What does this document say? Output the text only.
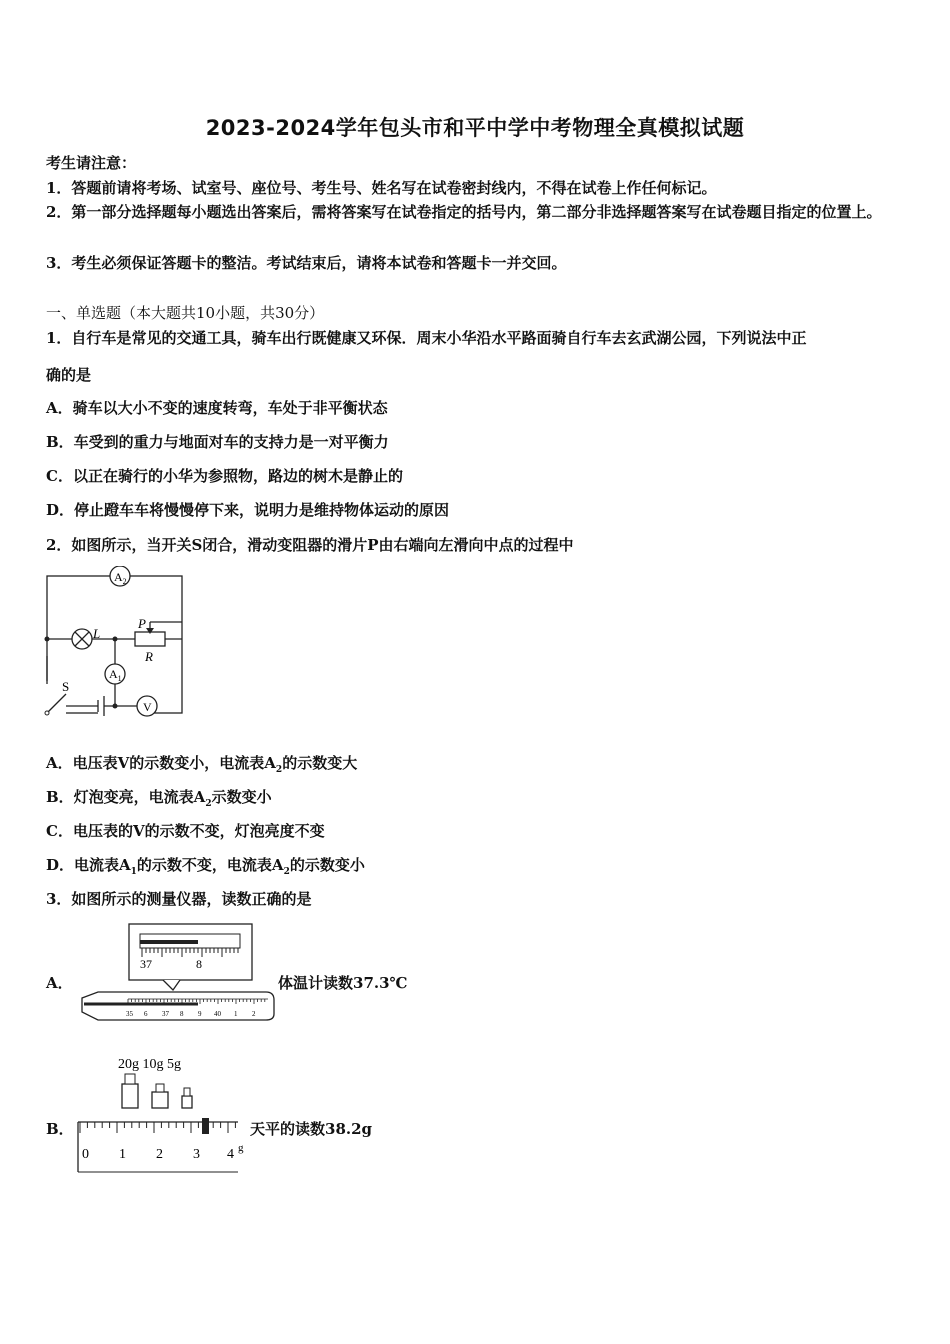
2023-2024学年包头市和平中学中考物理全真模拟试题
考生请注意：
1．答题前请将考场、试室号、座位号、考生号、姓名写在试卷密封线内，不得在试卷上作任何标记。
2．第一部分选择题每小题选出答案后，需将答案写在试卷指定的括号内，第二部分非选择题答案写在试卷题目指定的位置上。
3．考生必须保证答题卡的整洁。考试结束后，请将本试卷和答题卡一并交回。
一、单选题（本大题共10小题，共30分）
1．自行车是常见的交通工具，骑车出行既健康又环保．周末小华沿水平路面骑自行车去玄武湖公园，下列说法中正
确的是
A．骑车以大小不变的速度转弯，车处于非平衡状态
B．车受到的重力与地面对车的支持力是一对平衡力
C．以正在骑行的小华为参照物，路边的树木是静止的
D．停止蹬车车将慢慢停下来，说明力是维持物体运动的原因
2．如图所示，当开关S闭合，滑动变阻器的滑片P由右端向左滑向中点的过程中
$A_2$
$A_1$
V
L
P
R
S
A．电压表V的示数变小，电流表$A_2$的示数变大
B．灯泡变亮，电流表$A_2$示数变小
C．电压表的V的示数不变，灯泡亮度不变
D．电流表$A_1$的示数不变，电流表$A_2$的示数变小
3．如图所示的测量仪器，读数正确的是
A．
37	8
35 6 37 8 9 40 1 2
体温计读数37.3℃
B．
20g 10g 5g
0 1 2 3 4 g
天平的读数38.2g
